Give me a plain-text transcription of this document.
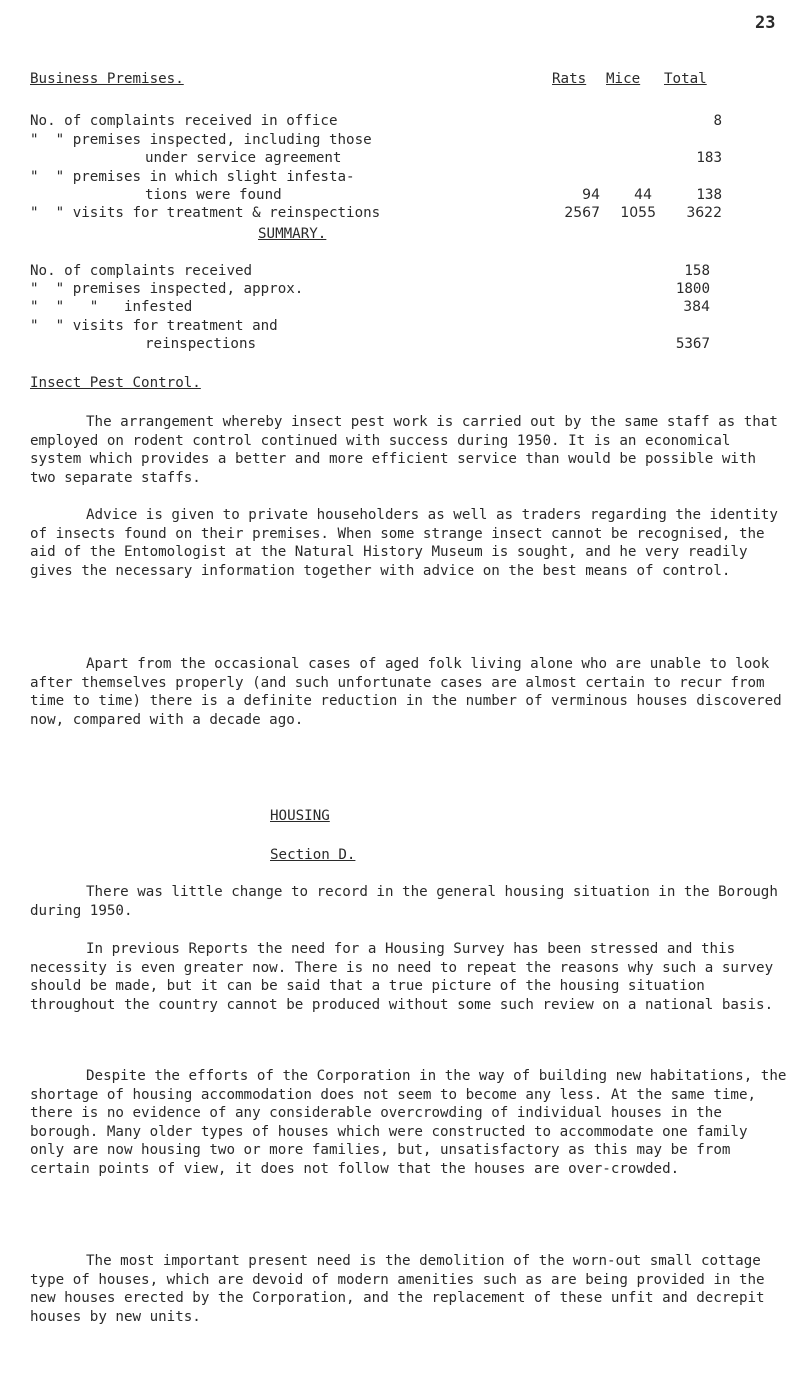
23
Business Premises.	Rats Mice Total
No. of complaints received in office	8
"  " premises inspected, including those
under service agreement	183
"  " premises in which slight infesta-
tions were found	94	44	138
"  " visits for treatment & reinspections	2567	1055	3622
SUMMARY.
No. of complaints received	158
"  " premises inspected, approx.	1800
"  "   "   infested	384
"  " visits for treatment and
reinspections	5367
Insect Pest Control.

The arrangement whereby insect pest work is carried out by the same staff as that employed on rodent control continued with success during 1950. It is an economical system which provides a better and more efficient service than would be possible with two separate staffs.

Advice is given to private householders as well as traders regarding the identity of insects found on their premises. When some strange insect cannot be recognised, the aid of the Entomologist at the Natural History Museum is sought, and he very readily gives the necessary information together with advice on the best means of control.

Apart from the occasional cases of aged folk living alone who are unable to look after themselves properly (and such unfortunate cases are almost certain to recur from time to time) there is a definite reduction in the number of verminous houses discovered now, compared with a decade ago.

HOUSING
Section D.

There was little change to record in the general housing situation in the Borough during 1950.

In previous Reports the need for a Housing Survey has been stressed and this necessity is even greater now. There is no need to repeat the reasons why such a survey should be made, but it can be said that a true picture of the housing situation throughout the country cannot be produced without some such review on a national basis.

Despite the efforts of the Corporation in the way of building new habitations, the shortage of housing accommodation does not seem to become any less. At the same time, there is no evidence of any considerable overcrowding of individual houses in the borough. Many older types of houses which were constructed to accommodate one family only are now housing two or more families, but, unsatisfactory as this may be from certain points of view, it does not follow that the houses are over-crowded.

The most important present need is the demolition of the worn-out small cottage type of houses, which are devoid of modern amenities such as are being provided in the new houses erected by the Corporation, and the replacement of these unfit and decrepit houses by new units.
